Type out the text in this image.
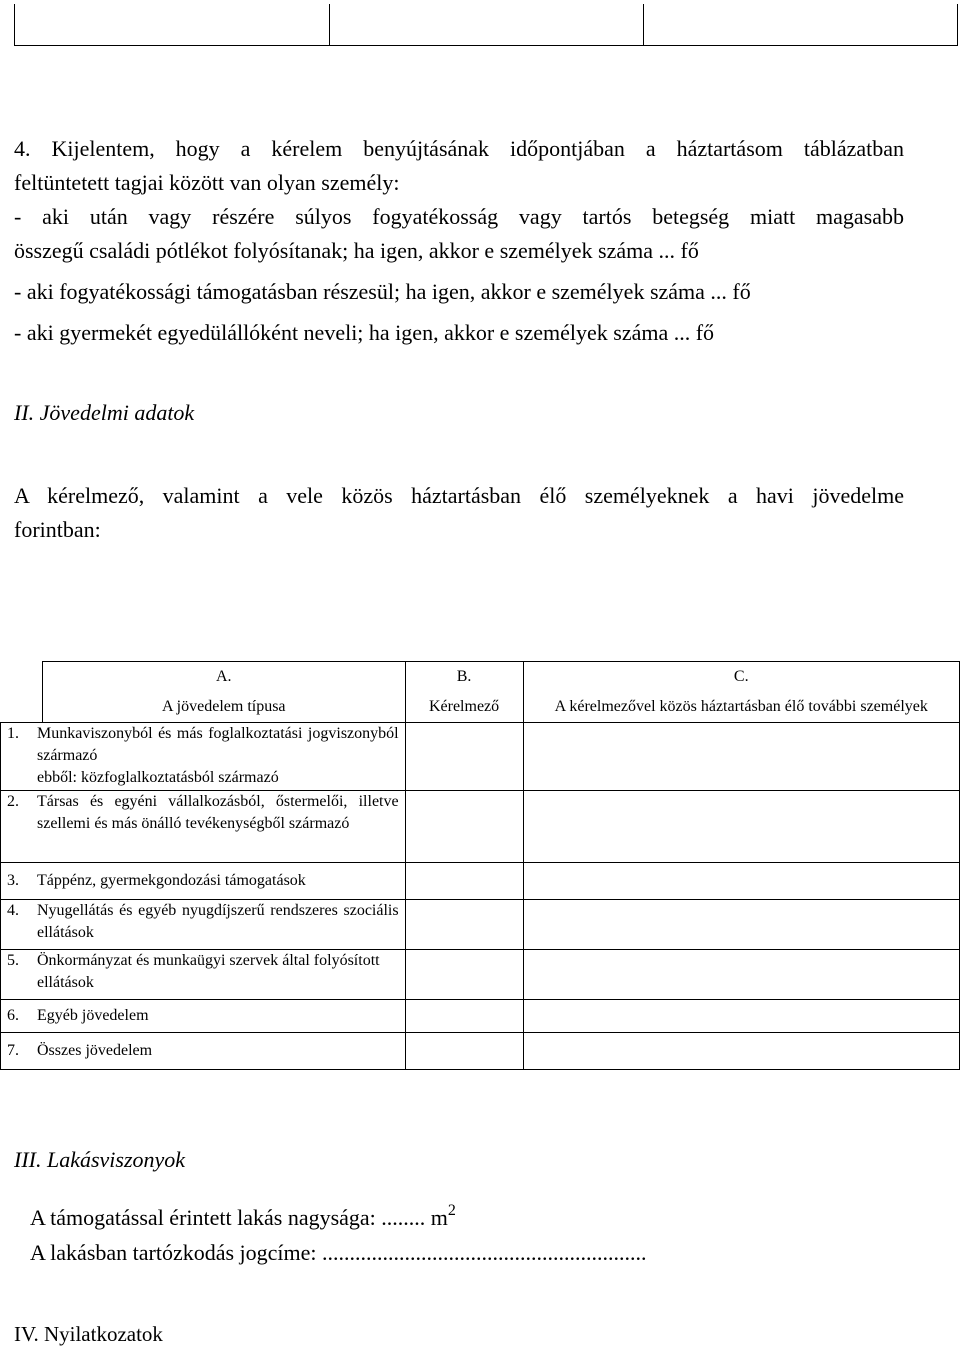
4. Kijelentem, hogy a kérelem benyújtásának időpontjában a háztartásom táblázatban

feltüntetett tagjai között van olyan személy:

- aki után vagy részére súlyos fogyatékosság vagy tartós betegség miatt magasabb

összegű családi pótlékot folyósítanak; ha igen, akkor e személyek száma ... fő

- aki fogyatékossági támogatásban részesül; ha igen, akkor e személyek száma ... fő

- aki gyermekét egyedülállóként neveli; ha igen, akkor e személyek száma ... fő

II. Jövedelmi adatok

A kérelmező, valamint a vele közös háztartásban élő személyeknek a havi jövedelme

forintban:

	A.	B.	C.
	A jövedelem típusa	Kérelmező	A kérelmezővel közös háztartásban élő további személyek

1. Munkaviszonyból és más foglalkoztatási jogviszonyból származó
ebből: közfoglalkoztatásból származó			

2. Társas és egyéni vállalkozásból, őstermelői, illetve szellemi és más önálló tevékenységből származó			

3. Táppénz, gyermekgondozási támogatások			

4. Nyugellátás és egyéb nyugdíjszerű rendszeres szociális ellátások			

5. Önkormányzat és munkaügyi szervek által folyósított ellátások			

6. Egyéb jövedelem			

7. Összes jövedelem			

III. Lakásviszonyok

A támogatással érintett lakás nagysága: ........ $m^2$

A lakásban tartózkodás jogcíme: ...........................................................

IV. Nyilatkozatok
